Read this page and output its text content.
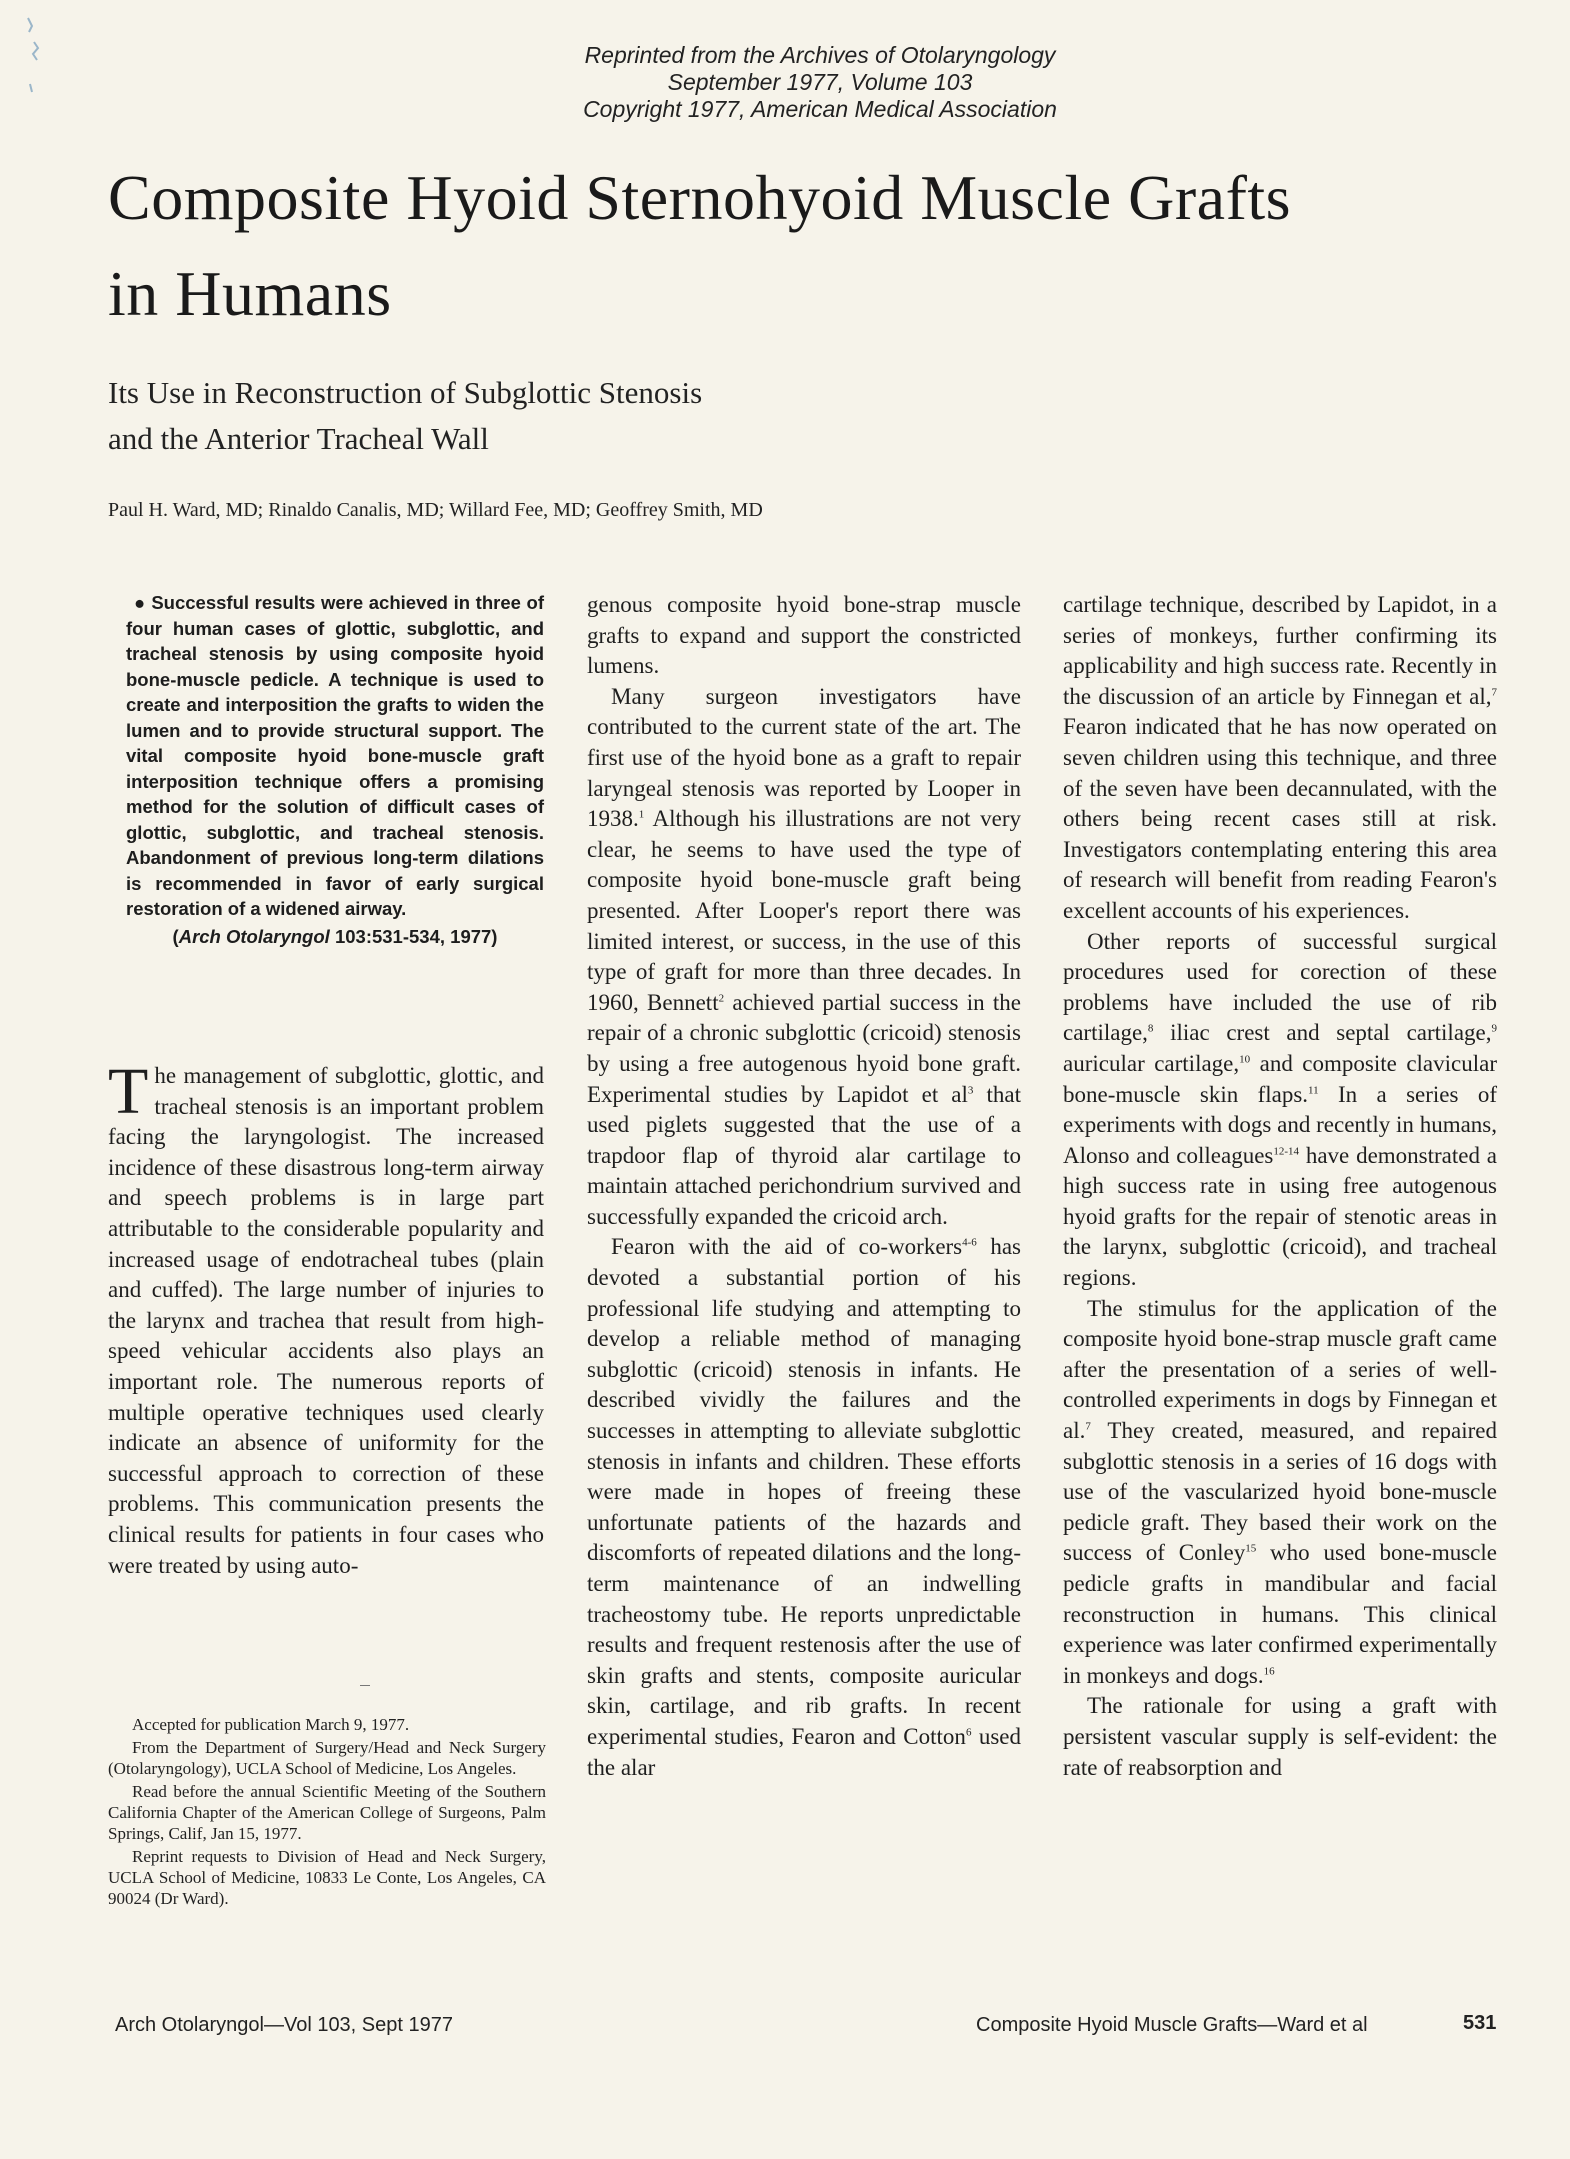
Reprinted from the Archives of Otolaryngology
September 1977, Volume 103
Copyright 1977, American Medical Association
Composite Hyoid Sternohyoid Muscle Grafts
in Humans
Its Use in Reconstruction of Subglottic Stenosis
and the Anterior Tracheal Wall
Paul H. Ward, MD; Rinaldo Canalis, MD; Willard Fee, MD; Geoffrey Smith, MD

● Successful results were achieved in three of four human cases of glottic, subglottic, and tracheal stenosis by using composite hyoid bone-muscle pedicle. A technique is used to create and interposition the grafts to widen the lumen and to provide structural support. The vital composite hyoid bone-muscle graft interposition technique offers a promising method for the solution of difficult cases of glottic, subglottic, and tracheal stenosis. Abandonment of previous long-term dilations is recommended in favor of early surgical restoration of a widened airway.

(Arch Otolaryngol 103:531-534, 1977)

The management of subglottic, glottic, and tracheal stenosis is an important problem facing the laryngologist. The increased incidence of these disastrous long-term airway and speech problems is in large part attributable to the considerable popularity and increased usage of endotracheal tubes (plain and cuffed). The large number of injuries to the larynx and trachea that result from high-speed vehicular accidents also plays an important role. The numerous reports of multiple operative techniques used clearly indicate an absence of uniformity for the successful approach to correction of these problems. This communication presents the clinical results for patients in four cases who were treated by using auto-

Accepted for publication March 9, 1977.

From the Department of Surgery/Head and Neck Surgery (Otolaryngology), UCLA School of Medicine, Los Angeles.

Read before the annual Scientific Meeting of the Southern California Chapter of the American College of Surgeons, Palm Springs, Calif, Jan 15, 1977.

Reprint requests to Division of Head and Neck Surgery, UCLA School of Medicine, 10833 Le Conte, Los Angeles, CA 90024 (Dr Ward).

genous composite hyoid bone-strap muscle grafts to expand and support the constricted lumens.

Many surgeon investigators have contributed to the current state of the art. The first use of the hyoid bone as a graft to repair laryngeal stenosis was reported by Looper in 1938.$^1$ Although his illustrations are not very clear, he seems to have used the type of composite hyoid bone-muscle graft being presented. After Looper's report there was limited interest, or success, in the use of this type of graft for more than three decades. In 1960, Bennett$^2$ achieved partial success in the repair of a chronic subglottic (cricoid) stenosis by using a free autogenous hyoid bone graft. Experimental studies by Lapidot et $al^3$ that used piglets suggested that the use of a trapdoor flap of thyroid alar cartilage to maintain attached perichondrium survived and successfully expanded the cricoid arch.

Fearon with the aid of co-workers$^{4-6}$ has devoted a substantial portion of his professional life studying and attempting to develop a reliable method of managing subglottic (cricoid) stenosis in infants. He described vividly the failures and the successes in attempting to alleviate subglottic stenosis in infants and children. These efforts were made in hopes of freeing these unfortunate patients of the hazards and discomforts of repeated dilations and the long-term maintenance of an indwelling tracheostomy tube. He reports unpredictable results and frequent restenosis after the use of skin grafts and stents, composite auricular skin, cartilage, and rib grafts. In recent experimental studies, Fearon and Cotton$^6$ used the alar

cartilage technique, described by Lapidot, in a series of monkeys, further confirming its applicability and high success rate. Recently in the discussion of an article by Finnegan et al,$^7$ Fearon indicated that he has now operated on seven children using this technique, and three of the seven have been decannulated, with the others being recent cases still at risk. Investigators contemplating entering this area of research will benefit from reading Fearon's excellent accounts of his experiences.

Other reports of successful surgical procedures used for corection of these problems have included the use of rib cartilage,$^8$ iliac crest and septal cartilage,$^9$ auricular cartilage,$^{10}$ and composite clavicular bone-muscle skin flaps.$^{11}$ In a series of experiments with dogs and recently in humans, Alonso and colleagues$^{12-14}$ have demonstrated a high success rate in using free autogenous hyoid grafts for the repair of stenotic areas in the larynx, subglottic (cricoid), and tracheal regions.

The stimulus for the application of the composite hyoid bone-strap muscle graft came after the presentation of a series of well-controlled experiments in dogs by Finnegan et al.$^7$ They created, measured, and repaired subglottic stenosis in a series of 16 dogs with use of the vascularized hyoid bone-muscle pedicle graft. They based their work on the success of Conley$^{15}$ who used bone-muscle pedicle grafts in mandibular and facial reconstruction in humans. This clinical experience was later confirmed experimentally in monkeys and dogs.$^{16}$

The rationale for using a graft with persistent vascular supply is self-evident: the rate of reabsorption and

Arch Otolaryngol—Vol 103, Sept 1977	Composite Hyoid Muscle Grafts—Ward et al	531
